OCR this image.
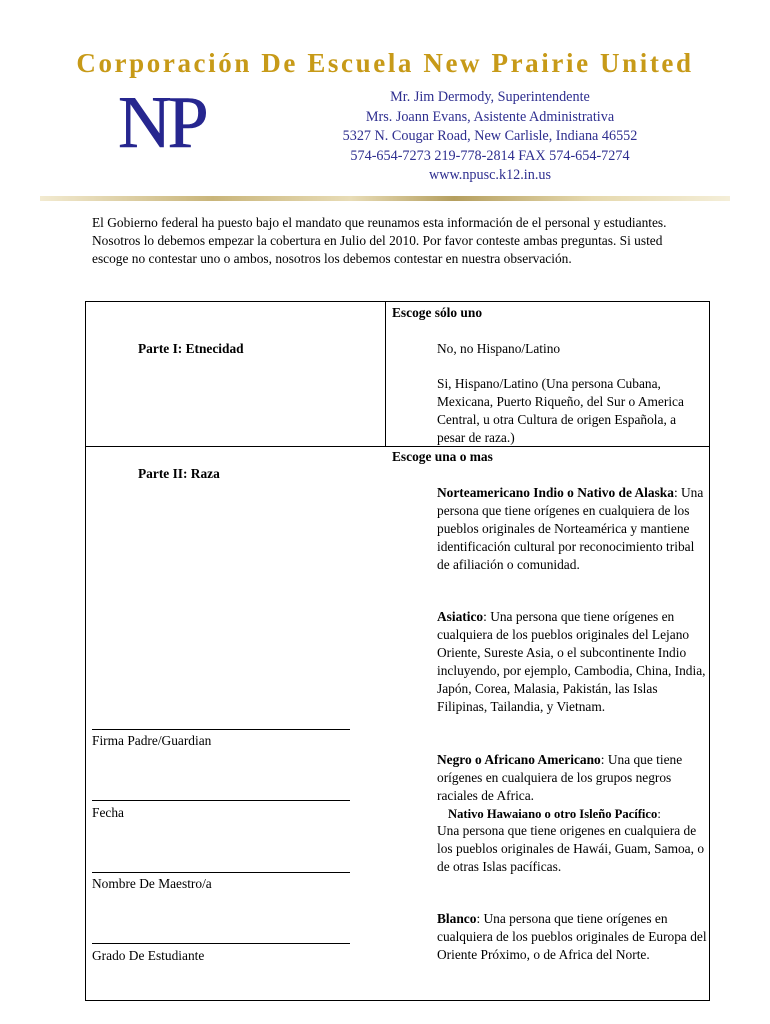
Corporación De Escuela New Prairie United
NP	Mr. Jim Dermody, Superintendente
Mrs. Joann Evans, Asistente Administrativa
5327 N. Cougar Road, New Carlisle, Indiana 46552
574-654-7273 219-778-2814 FAX 574-654-7274
www.npusc.k12.in.us
El Gobierno federal ha puesto bajo el mandato que reunamos esta información de el personal y estudiantes. Nosotros lo debemos empezar la cobertura en Julio del 2010. Por favor conteste ambas preguntas. Si usted escoge no contestar uno o ambos, nosotros los debemos contestar en nuestra observación.
Escoge sólo uno
Parte I: Etnecidad	No, no Hispano/Latino
Si, Hispano/Latino (Una persona Cubana, Mexicana, Puerto Riqueño, del Sur o America Central, u otra Cultura de origen Española, a pesar de raza.)
Escoge una o mas
Parte II: Raza
Norteamericano Indio o Nativo de Alaska: Una persona que tiene orígenes en cualquiera de los pueblos originales de Norteamérica y mantiene identificación cultural por reconocimiento tribal de afiliación o comunidad.
Asiatico: Una persona que tiene orígenes en cualquiera de los pueblos originales del Lejano Oriente, Sureste Asia, o el subcontinente Indio incluyendo, por ejemplo, Cambodia, China, India, Japón, Corea, Malasia, Pakistán, las Islas Filipinas, Tailandia, y Vietnam.
Negro o Africano Americano: Una que tiene orígenes en cualquiera de los grupos negros raciales de Africa.
Nativo Hawaiano o otro Isleño Pacífico:
Una persona que tiene origenes en cualquiera de los pueblos originales de Hawái, Guam, Samoa, o de otras Islas pacíficas.
Blanco: Una persona que tiene orígenes en cualquiera de los pueblos originales de Europa del Oriente Próximo, o de Africa del Norte.
Firma Padre/Guardian
Fecha
Nombre De Maestro/a
Grado De Estudiante
